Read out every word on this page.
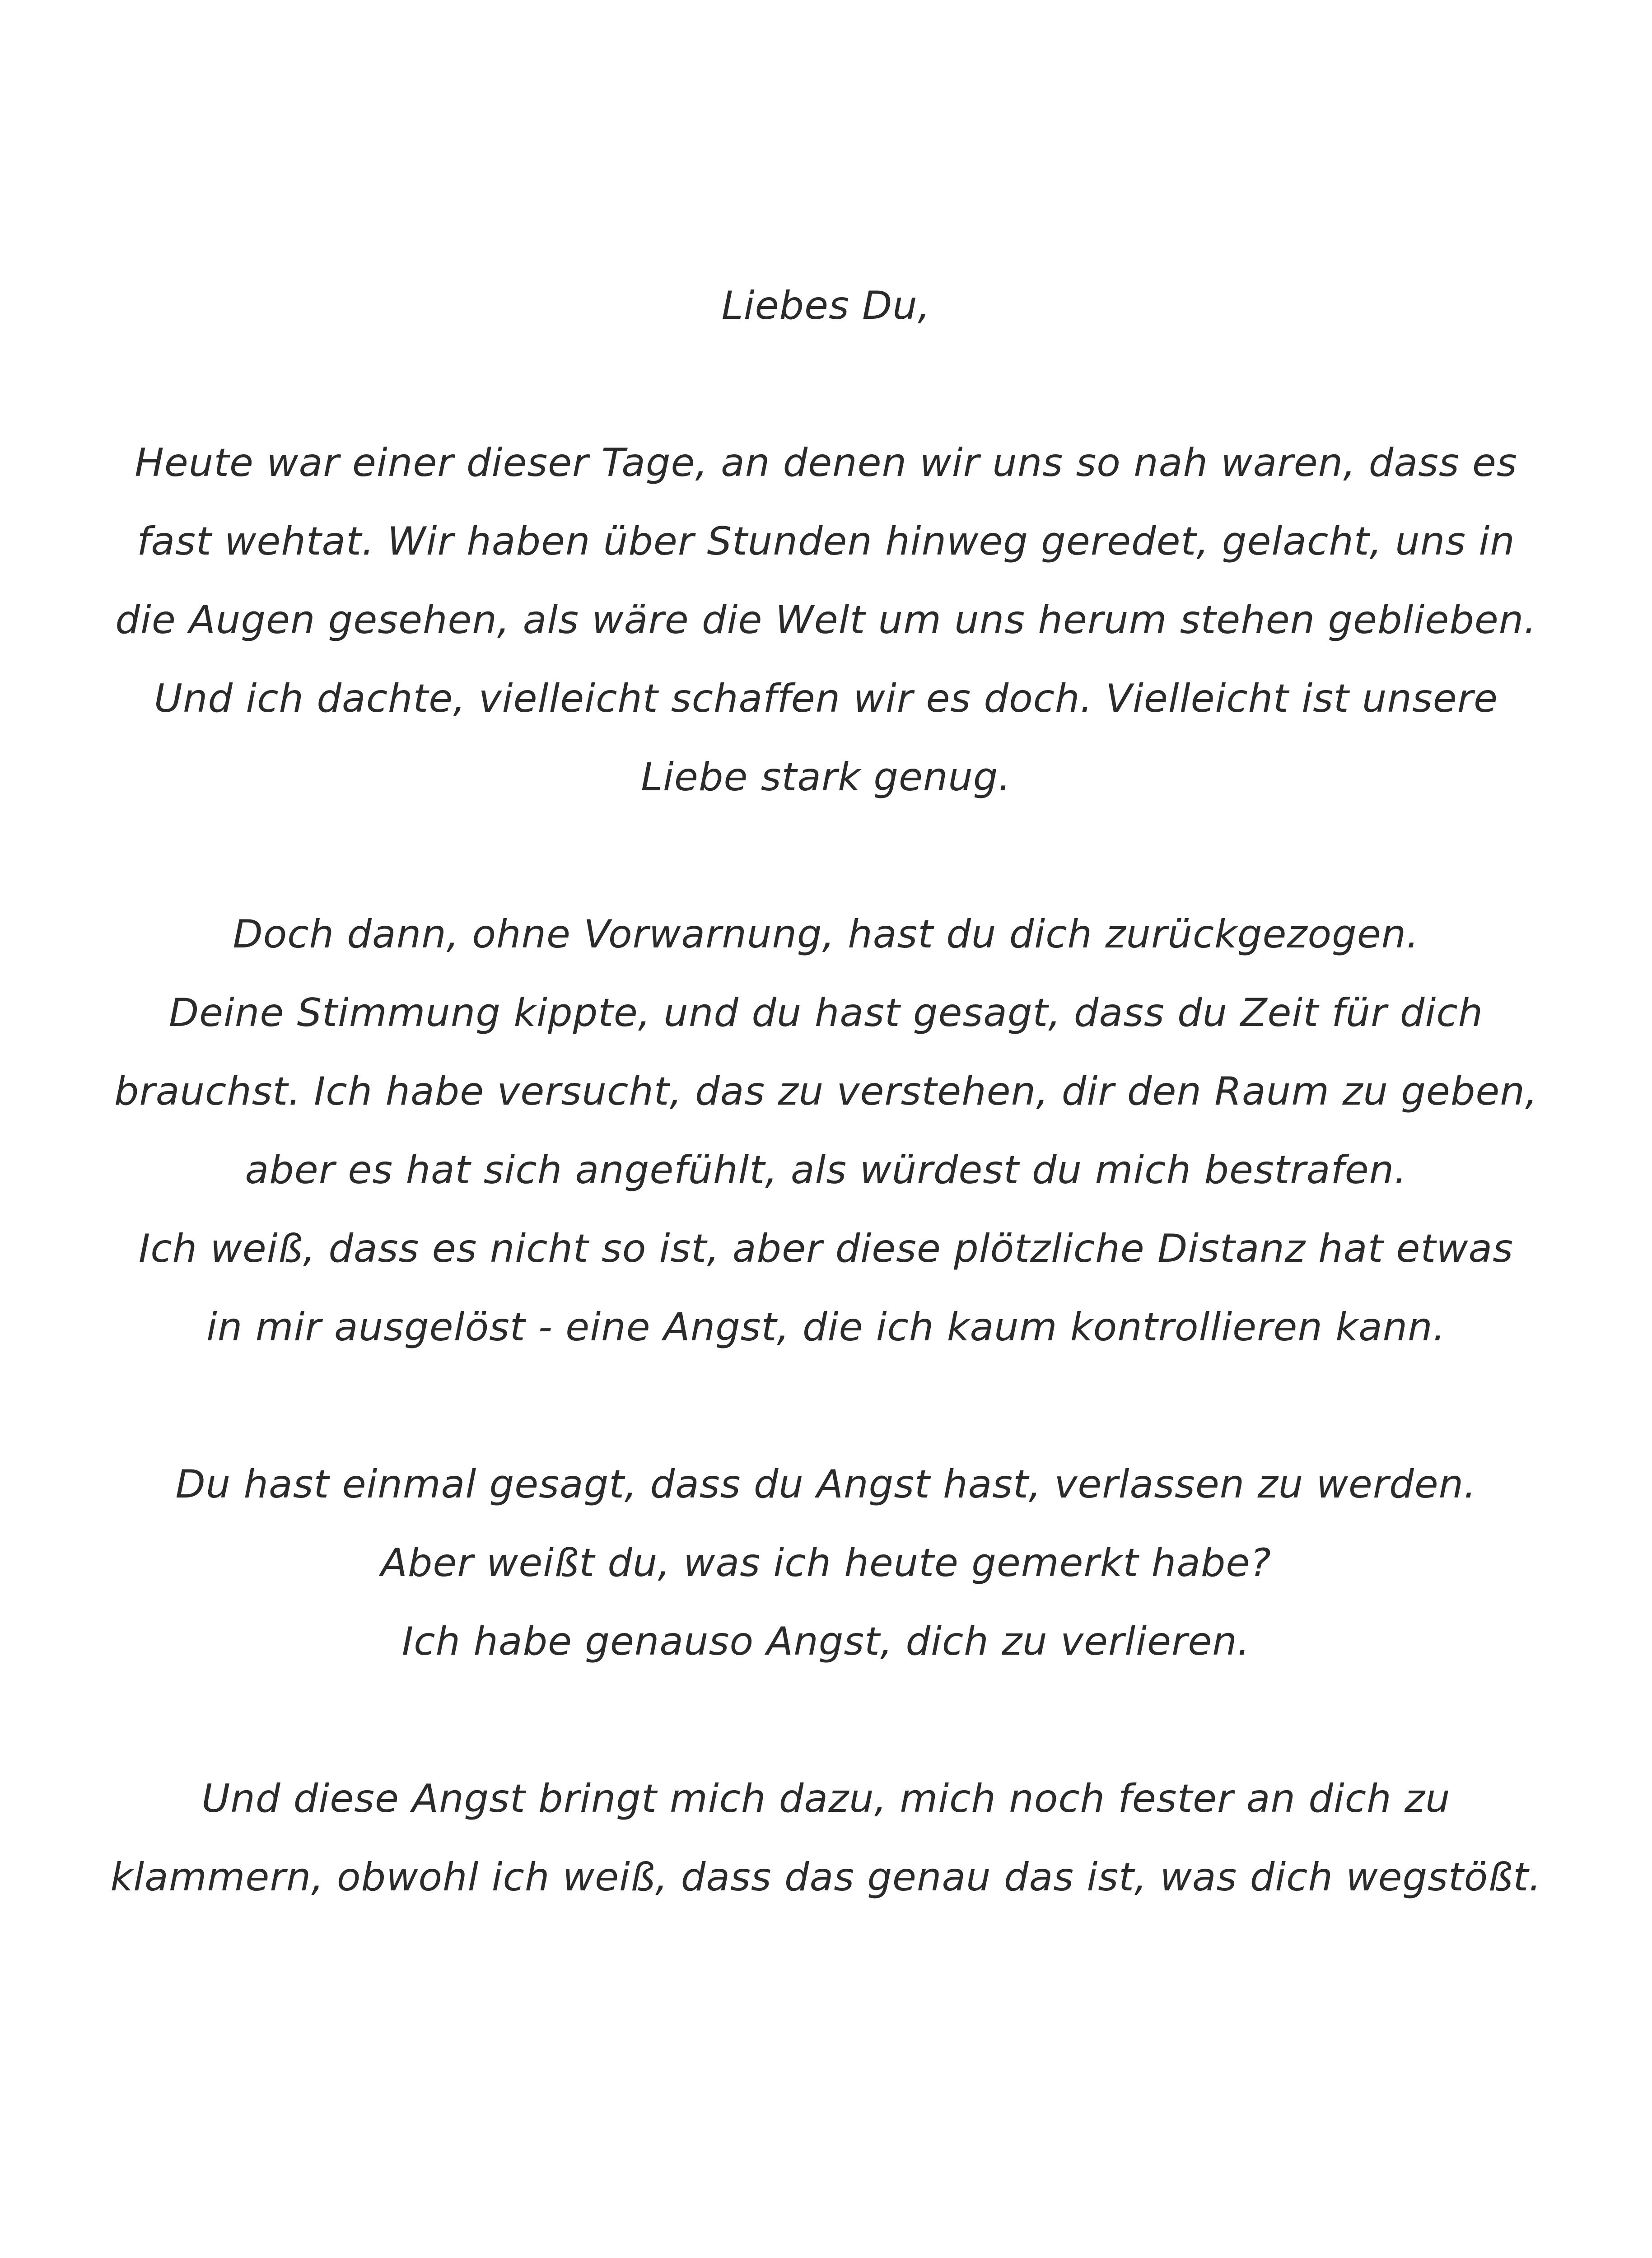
Liebes Du,
Heute war einer dieser Tage, an denen wir uns so nah waren, dass es
fast wehtat. Wir haben über Stunden hinweg geredet, gelacht, uns in
die Augen gesehen, als wäre die Welt um uns herum stehen geblieben.
Und ich dachte, vielleicht schaffen wir es doch. Vielleicht ist unsere
Liebe stark genug.
Doch dann, ohne Vorwarnung, hast du dich zurückgezogen.
Deine Stimmung kippte, und du hast gesagt, dass du Zeit für dich
brauchst. Ich habe versucht, das zu verstehen, dir den Raum zu geben,
aber es hat sich angefühlt, als würdest du mich bestrafen.
Ich weiß, dass es nicht so ist, aber diese plötzliche Distanz hat etwas
in mir ausgelöst - eine Angst, die ich kaum kontrollieren kann.
Du hast einmal gesagt, dass du Angst hast, verlassen zu werden.
Aber weißt du, was ich heute gemerkt habe?
Ich habe genauso Angst, dich zu verlieren.
Und diese Angst bringt mich dazu, mich noch fester an dich zu
klammern, obwohl ich weiß, dass das genau das ist, was dich wegstößt.
